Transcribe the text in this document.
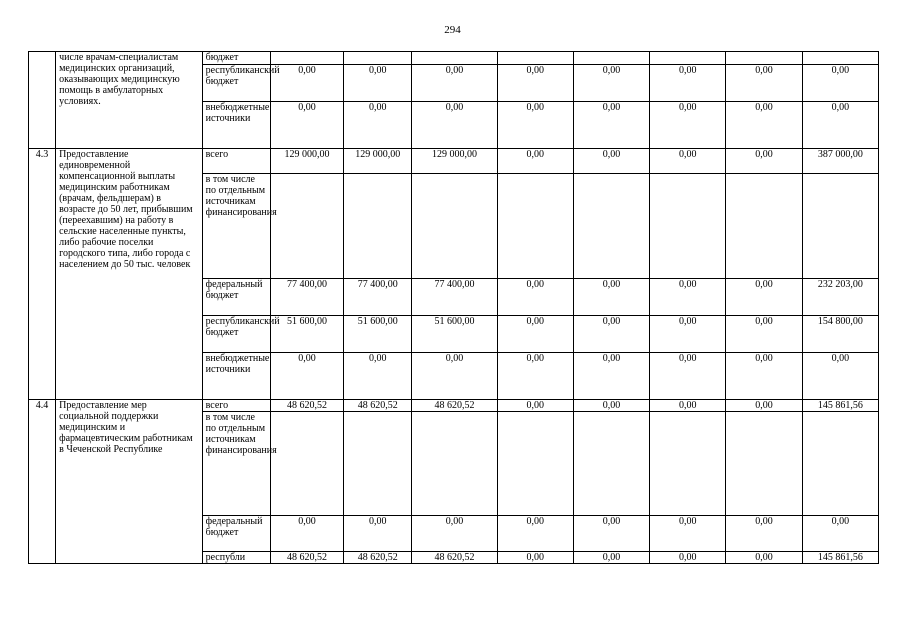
294
	числе врачам-специалистам медицинских организаций, оказывающих медицинскую помощь в амбулаторных условиях.	бюджет								
		республиканский бюджет	0,00	0,00	0,00	0,00	0,00	0,00	0,00	0,00
		внебюджетные источники	0,00	0,00	0,00	0,00	0,00	0,00	0,00	0,00
4.3	Предоставление единовременной компенсационной выплаты медицинским работникам (врачам, фельдшерам) в возрасте до 50 лет, прибывшим (переехавшим) на работу в сельские населенные пункты, либо рабочие поселки городского типа, либо города с населением до 50 тыс. человек	всего	129 000,00	129 000,00	129 000,00	0,00	0,00	0,00	0,00	387 000,00
		в том числе по отдельным источникам финансирования								
		федеральный бюджет	77 400,00	77 400,00	77 400,00	0,00	0,00	0,00	0,00	232 203,00
		республиканский бюджет	51 600,00	51 600,00	51 600,00	0,00	0,00	0,00	0,00	154 800,00
		внебюджетные источники	0,00	0,00	0,00	0,00	0,00	0,00	0,00	0,00
4.4	Предоставление мер социальной поддержки медицинским и фармацевтическим работникам в Чеченской Республике	всего	48 620,52	48 620,52	48 620,52	0,00	0,00	0,00	0,00	145 861,56
		в том числе по отдельным источникам финансирования								
		федеральный бюджет	0,00	0,00	0,00	0,00	0,00	0,00	0,00	0,00
		республи	48 620,52	48 620,52	48 620,52	0,00	0,00	0,00	0,00	145 861,56
